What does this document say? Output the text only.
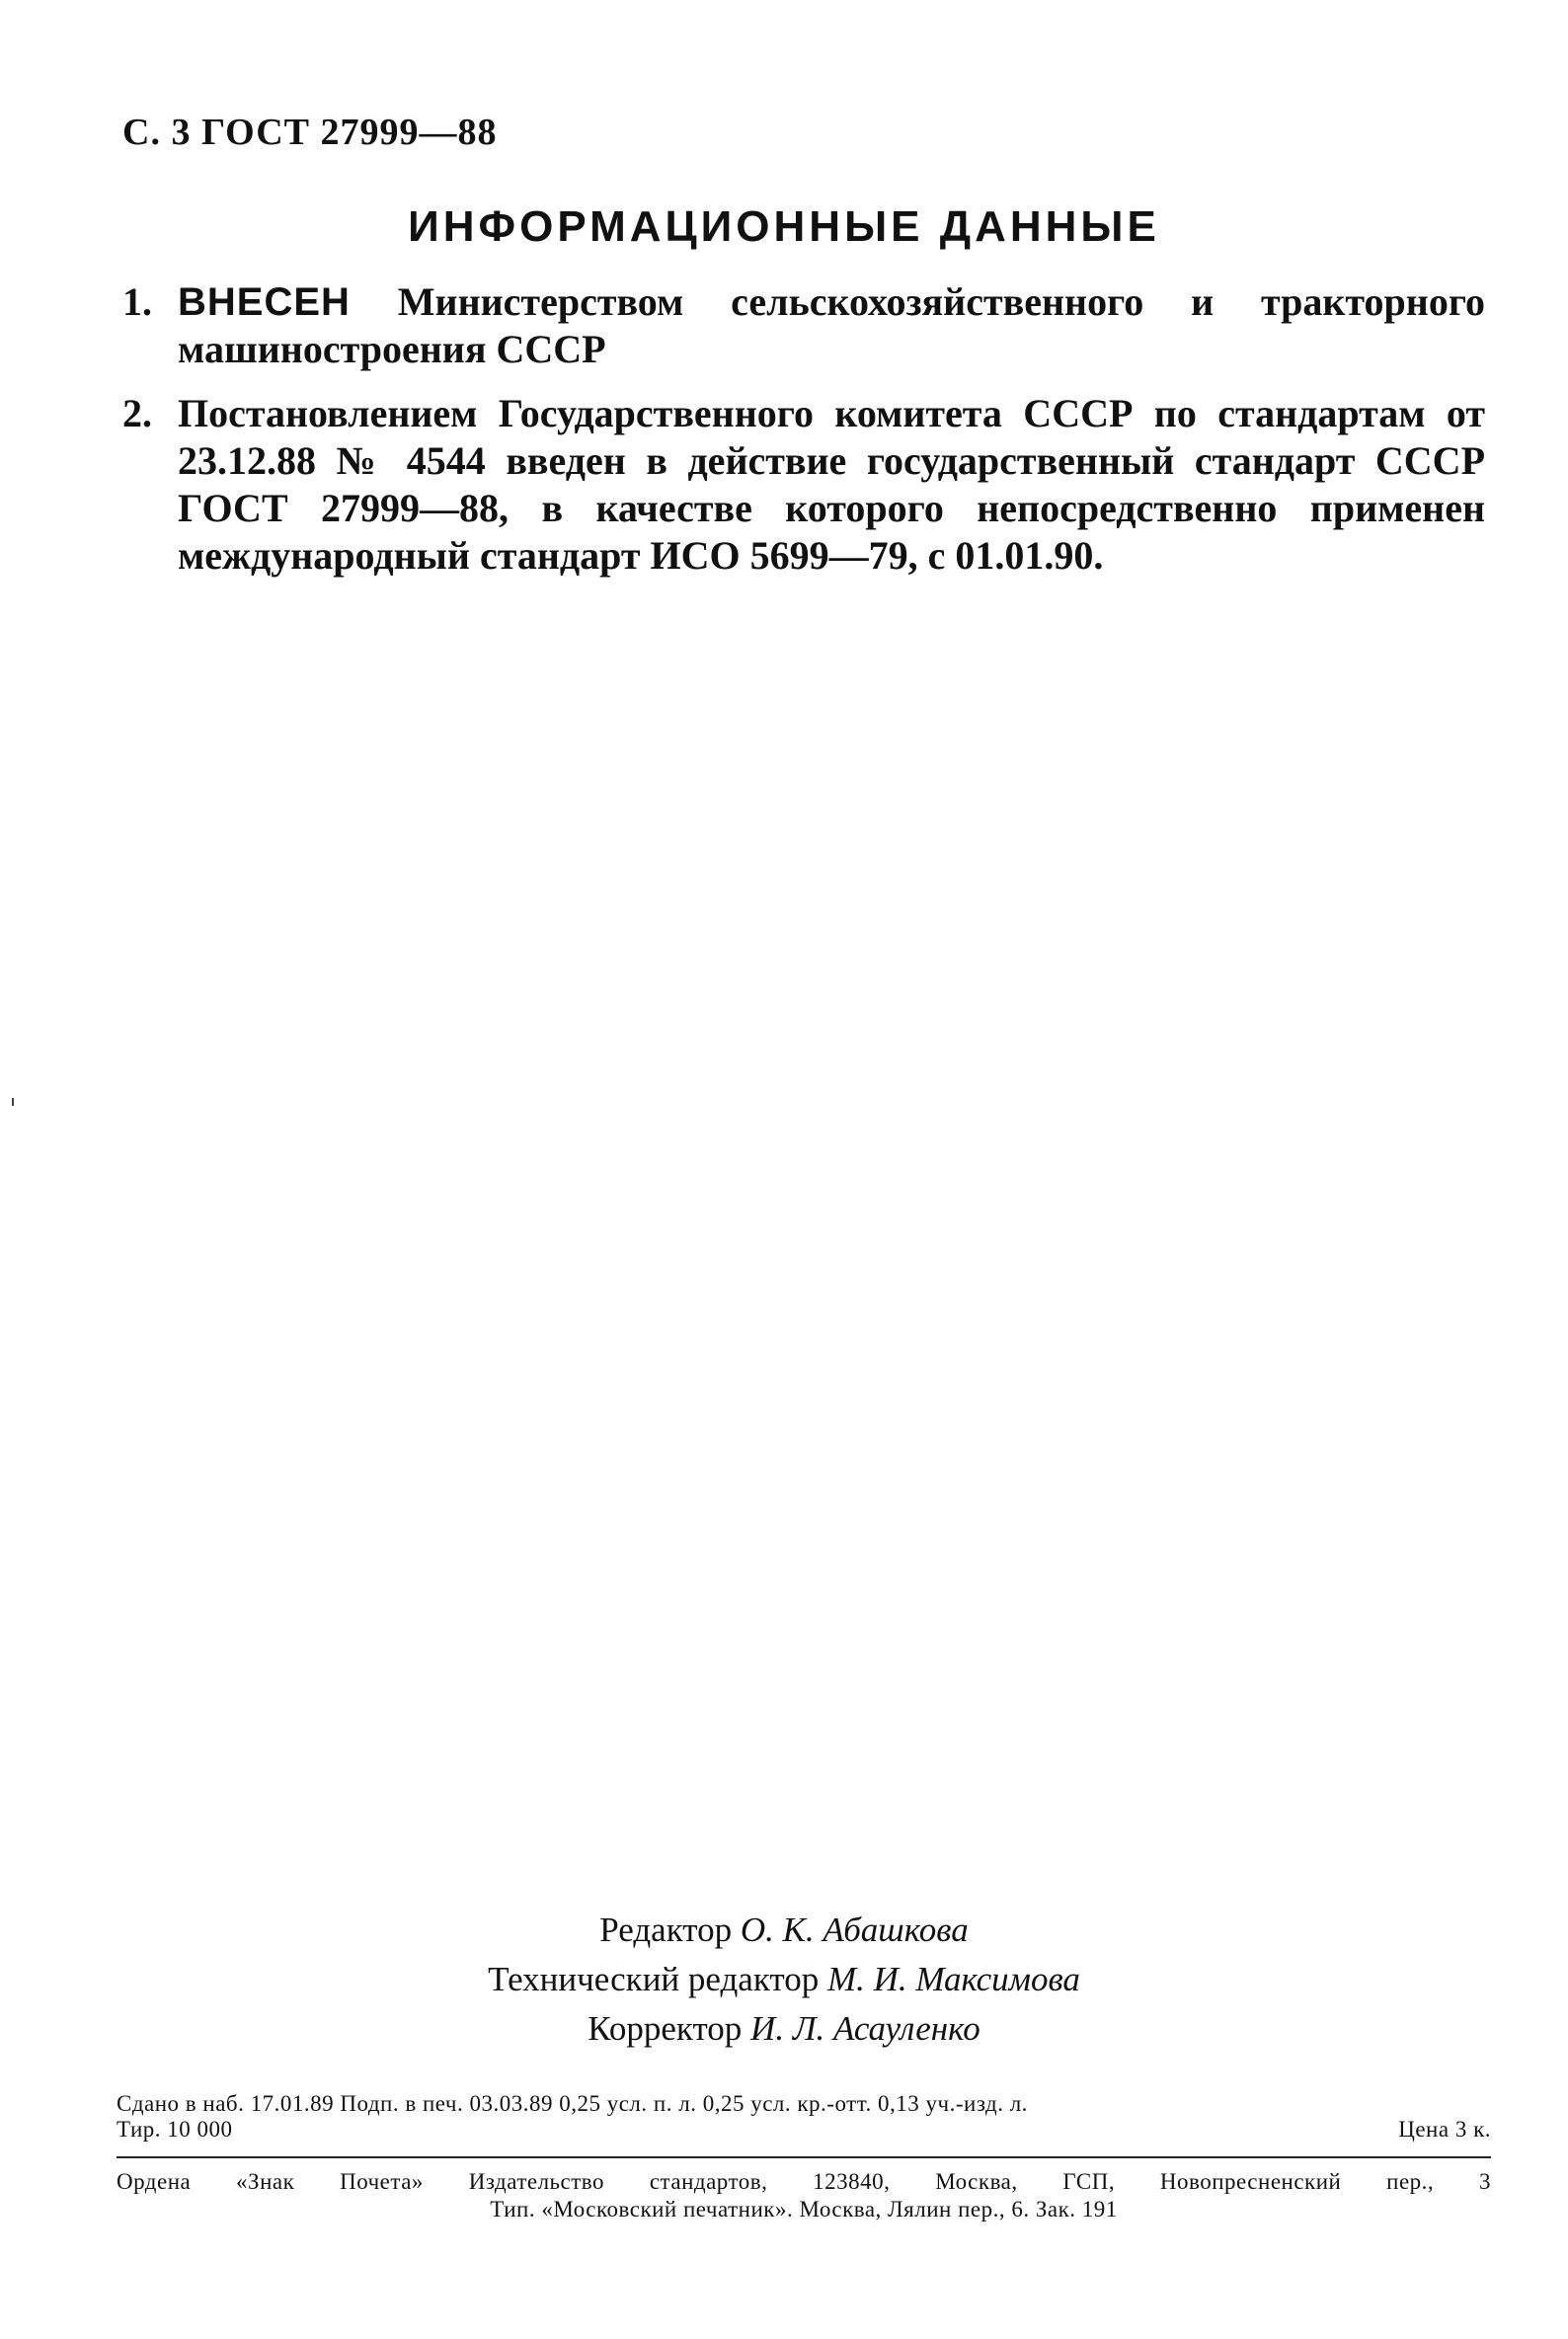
С. 3 ГОСТ 27999—88
ИНФОРМАЦИОННЫЕ ДАННЫЕ
1. ВНЕСЕН Министерством сельскохозяйственного и тракторного машиностроения СССР
2. Постановлением Государственного комитета СССР по стандартам от 23.12.88 № 4544 введен в действие государственный стандарт СССР ГОСТ 27999—88, в качестве которого непосредственно применен международный стандарт ИСО 5699—79, с 01.01.90.
Редактор О. К. Абашкова
Технический редактор М. И. Максимова
Корректор И. Л. Асауленко
Сдано в наб. 17.01.89 Подп. в печ. 03.03.89 0,25 усл. п. л. 0,25 усл. кр.-отт. 0,13 уч.-изд. л.
Тир. 10 000	Цена 3 к.
Ордена «Знак Почета» Издательство стандартов, 123840, Москва, ГСП, Новопресненский пер., 3
Тип. «Московский печатник». Москва, Лялин пер., 6. Зак. 191
